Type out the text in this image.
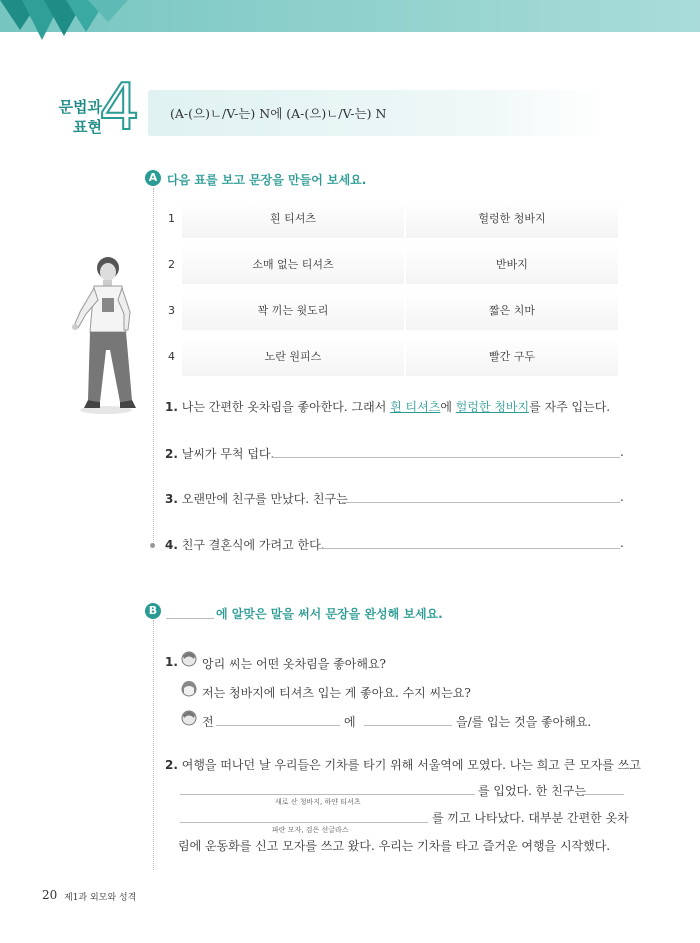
문법과
표현
4 (A-(으)ㄴ/V-는) N에 (A-(으)ㄴ/V-는) N
A 다음 표를 보고 문장을 만들어 보세요.
1	흰 티셔츠	헐렁한 청바지
2	소매 없는 티셔츠	반바지
3	꽉 끼는 윗도리	짧은 치마
4	노란 원피스	빨간 구두
1. 나는 간편한 옷차림을 좋아한다. 그래서 흰 티셔츠에 헐렁한 청바지를 자주 입는다.
2. 날씨가 무척 덥다.	.
3. 오랜만에 친구를 만났다. 친구는	.
4. 친구 결혼식에 가려고 한다.	.
B	에 알맞은 말을 써서 문장을 완성해 보세요.
1. 앙리 씨는 어떤 옷차림을 좋아해요?
저는 청바지에 티셔츠 입는 게 좋아요. 수지 씨는요?
전	에	을/를 입는 것을 좋아해요.
2. 여행을 떠나던 날 우리들은 기차를 타기 위해 서울역에 모였다. 나는 희고 큰 모자를 쓰고
를 입었다. 한 친구는
새로 산 청바지, 하얀 티셔츠
를 끼고 나타났다. 대부분 간편한 옷차
파란 모자, 검은 선글라스
림에 운동화를 신고 모자를 쓰고 왔다. 우리는 기차를 타고 즐거운 여행을 시작했다.
20 제1과 외모와 성격
